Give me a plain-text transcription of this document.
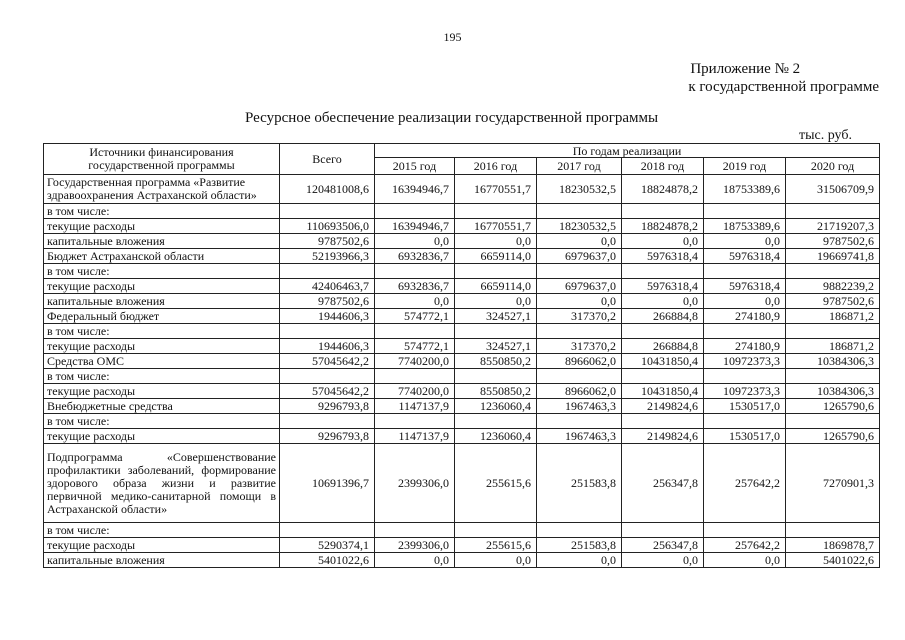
195
Приложение № 2
к государственной программе
Ресурсное обеспечение реализации государственной программы
тыс. руб.
Источники финансирования государственной программы	Всего	По годам реализации					
		2015 год	2016 год	2017 год	2018 год	2019 год	2020 год
Государственная программа «Развитие здравоохранения Астраханской области»	120481008,6	16394946,7	16770551,7	18230532,5	18824878,2	18753389,6	31506709,9
в том числе:							
текущие расходы	110693506,0	16394946,7	16770551,7	18230532,5	18824878,2	18753389,6	21719207,3
капитальные вложения	9787502,6	0,0	0,0	0,0	0,0	0,0	9787502,6
Бюджет Астраханской области	52193966,3	6932836,7	6659114,0	6979637,0	5976318,4	5976318,4	19669741,8
в том числе:							
текущие расходы	42406463,7	6932836,7	6659114,0	6979637,0	5976318,4	5976318,4	9882239,2
капитальные вложения	9787502,6	0,0	0,0	0,0	0,0	0,0	9787502,6
Федеральный бюджет	1944606,3	574772,1	324527,1	317370,2	266884,8	274180,9	186871,2
в том числе:							
текущие расходы	1944606,3	574772,1	324527,1	317370,2	266884,8	274180,9	186871,2
Средства ОМС	57045642,2	7740200,0	8550850,2	8966062,0	10431850,4	10972373,3	10384306,3
в том числе:							
текущие расходы	57045642,2	7740200,0	8550850,2	8966062,0	10431850,4	10972373,3	10384306,3
Внебюджетные средства	9296793,8	1147137,9	1236060,4	1967463,3	2149824,6	1530517,0	1265790,6
в том числе:							
текущие расходы	9296793,8	1147137,9	1236060,4	1967463,3	2149824,6	1530517,0	1265790,6
Подпрограмма «Совершенствование профилактики заболеваний, формирование здорового образа жизни и развитие первичной медико-санитарной помощи в Астраханской области»	10691396,7	2399306,0	255615,6	251583,8	256347,8	257642,2	7270901,3
в том числе:							
текущие расходы	5290374,1	2399306,0	255615,6	251583,8	256347,8	257642,2	1869878,7
капитальные вложения	5401022,6	0,0	0,0	0,0	0,0	0,0	5401022,6
